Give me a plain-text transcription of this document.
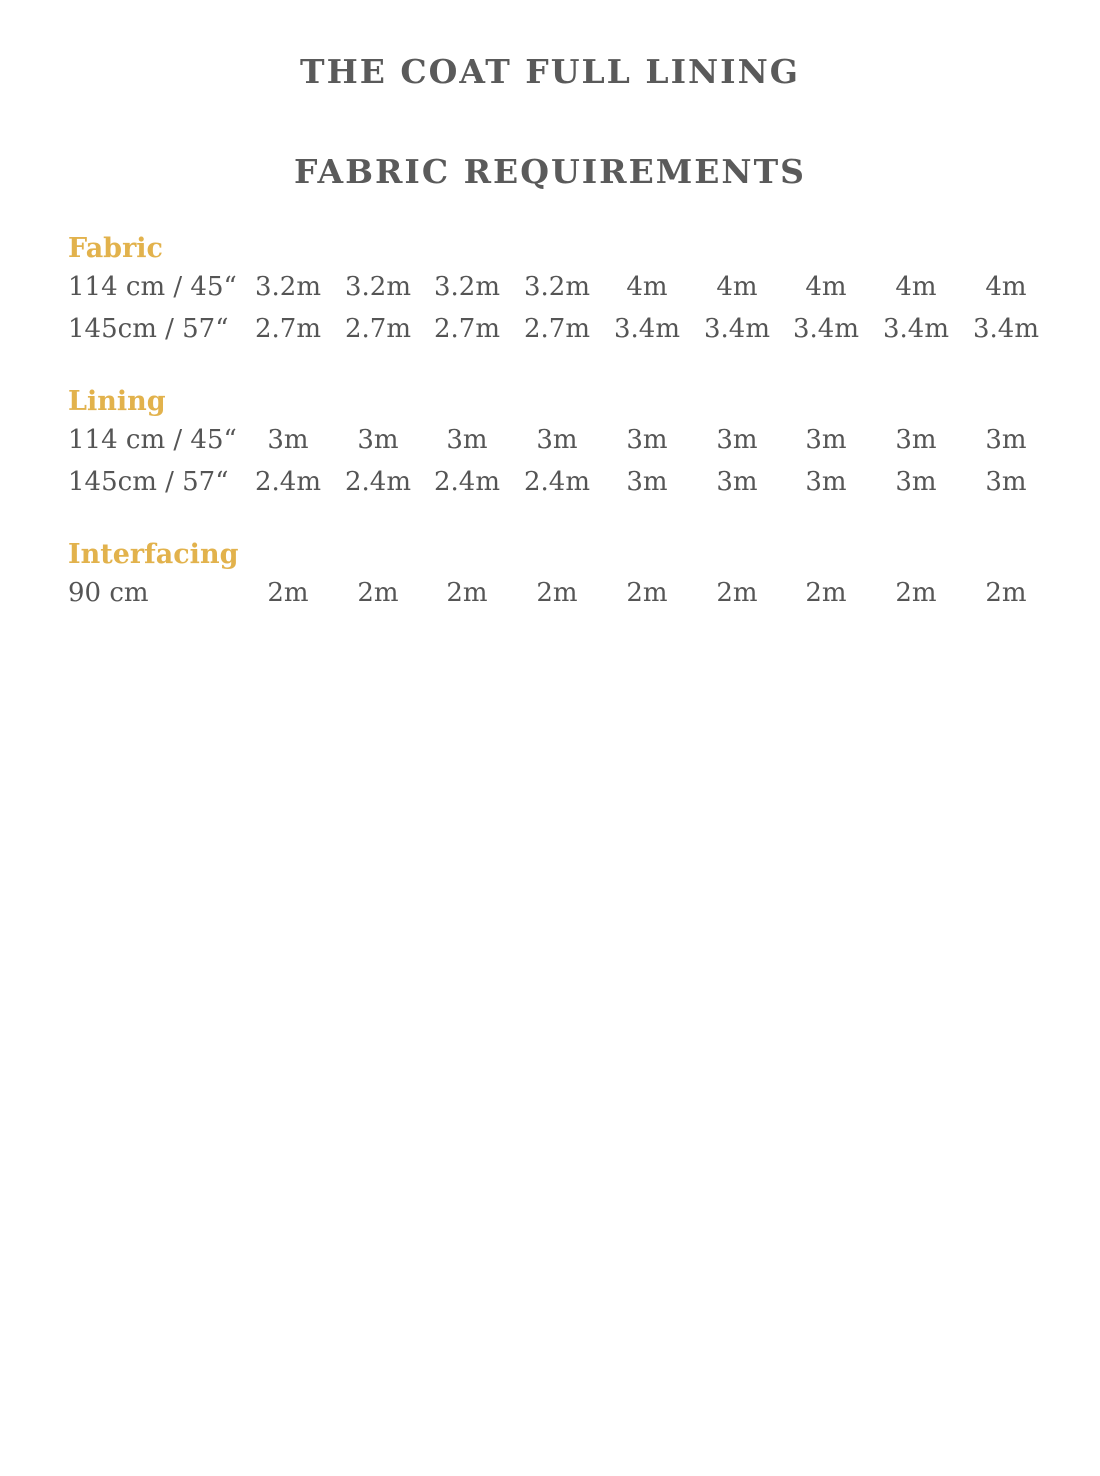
THE COAT FULL LINING
FABRIC REQUIREMENTS
Fabric
114 cm / 45“ 3.2m 3.2m 3.2m 3.2m	4m	4m	4m	4m	4m
145cm / 57“	2.7m 2.7m 2.7m 2.7m 3.4m 3.4m 3.4m 3.4m 3.4m
Lining
114 cm / 45“	3m	3m	3m	3m	3m	3m	3m	3m	3m
145cm / 57“	2.4m 2.4m 2.4m 2.4m	3m	3m	3m	3m	3m
Interfacing
90 cm	2m	2m	2m	2m	2m	2m	2m	2m	2m
